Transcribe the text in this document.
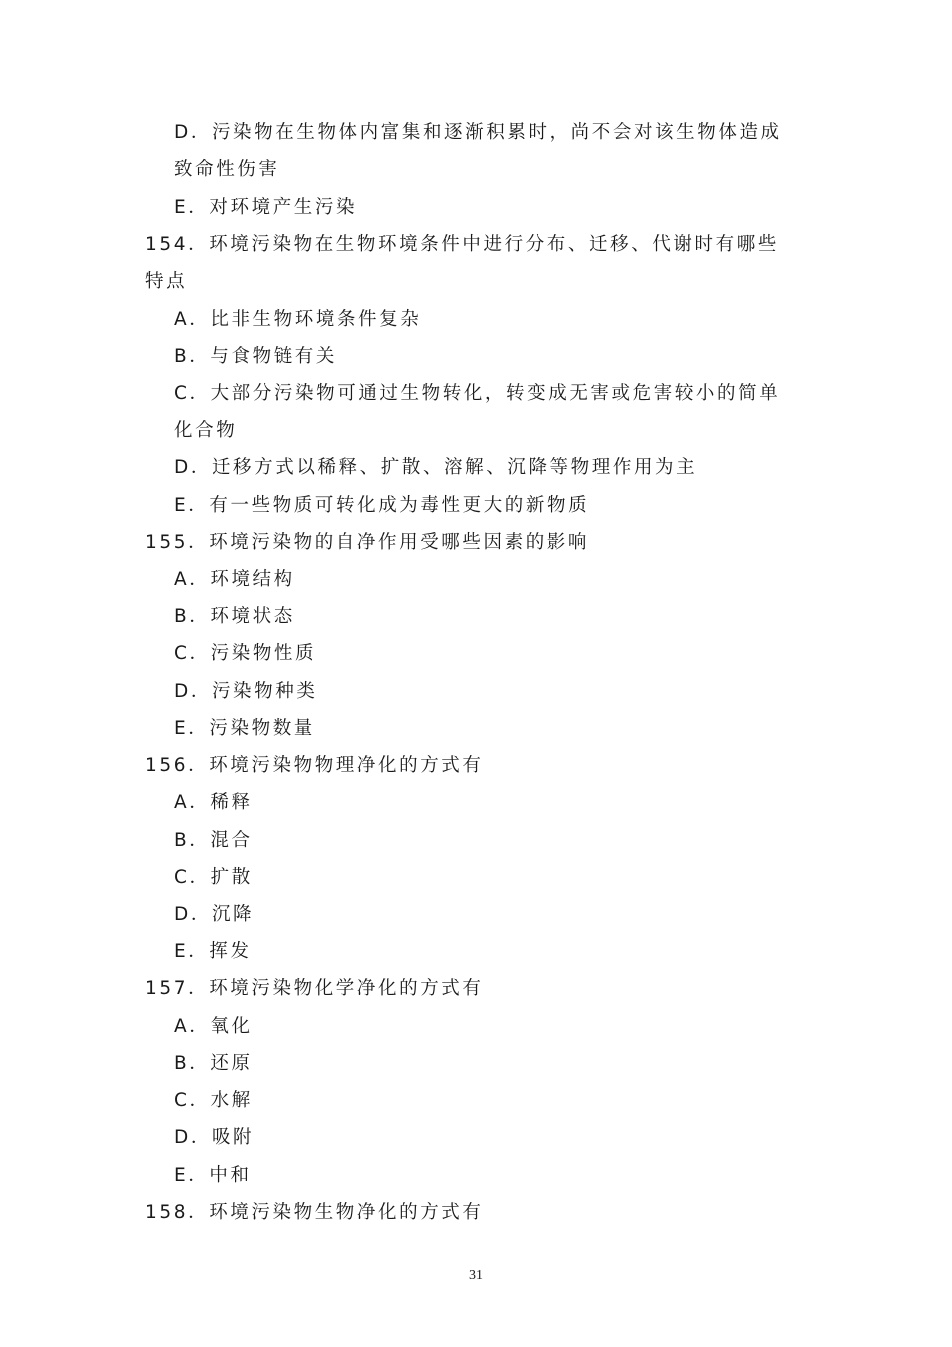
D．污染物在生物体内富集和逐渐积累时，尚不会对该生物体造成
致命性伤害
E．对环境产生污染
154．环境污染物在生物环境条件中进行分布、迁移、代谢时有哪些
特点
A．比非生物环境条件复杂
B．与食物链有关
C．大部分污染物可通过生物转化，转变成无害或危害较小的简单
化合物
D．迁移方式以稀释、扩散、溶解、沉降等物理作用为主
E．有一些物质可转化成为毒性更大的新物质
155．环境污染物的自净作用受哪些因素的影响
A．环境结构
B．环境状态
C．污染物性质
D．污染物种类
E．污染物数量
156．环境污染物物理净化的方式有
A．稀释
B．混合
C．扩散
D．沉降
E．挥发
157．环境污染物化学净化的方式有
A．氧化
B．还原
C．水解
D．吸附
E．中和
158．环境污染物生物净化的方式有
31
